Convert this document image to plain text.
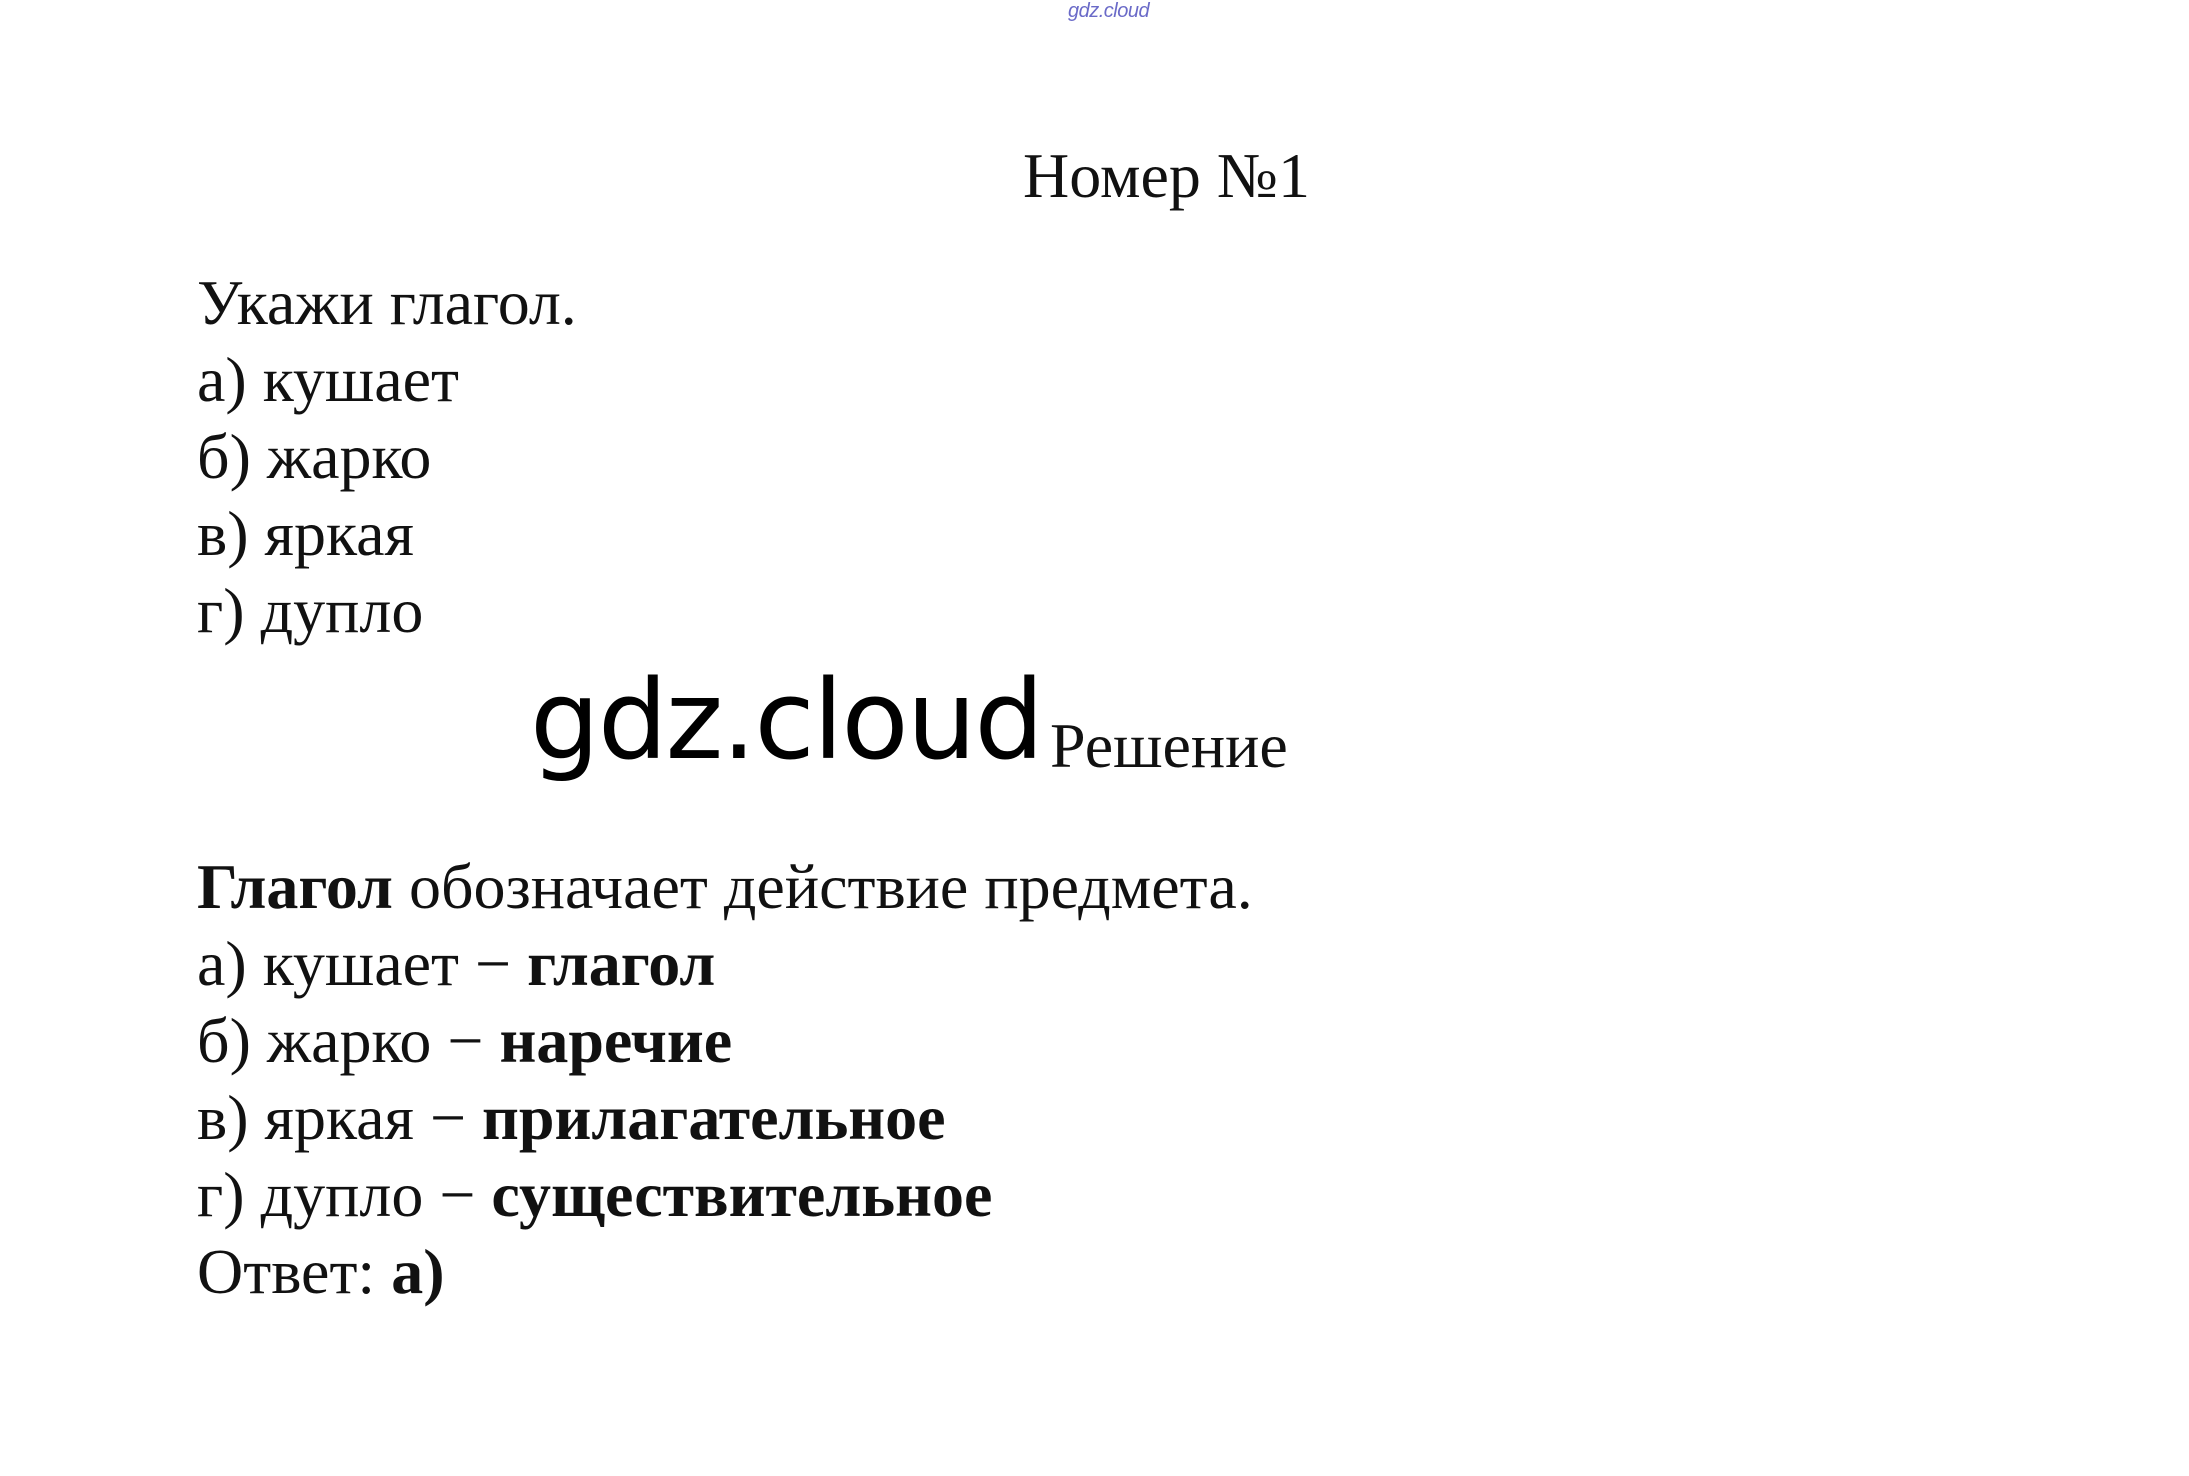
gdz.cloud
Номер №1
Укажи глагол.
а) кушает
б) жарко
в) яркая
г) дупло
gdz.cloud Решение
Глагол обозначает действие предмета.
а) кушает − глагол
б) жарко − наречие
в) яркая − прилагательное
г) дупло − существительное
Ответ: а)
